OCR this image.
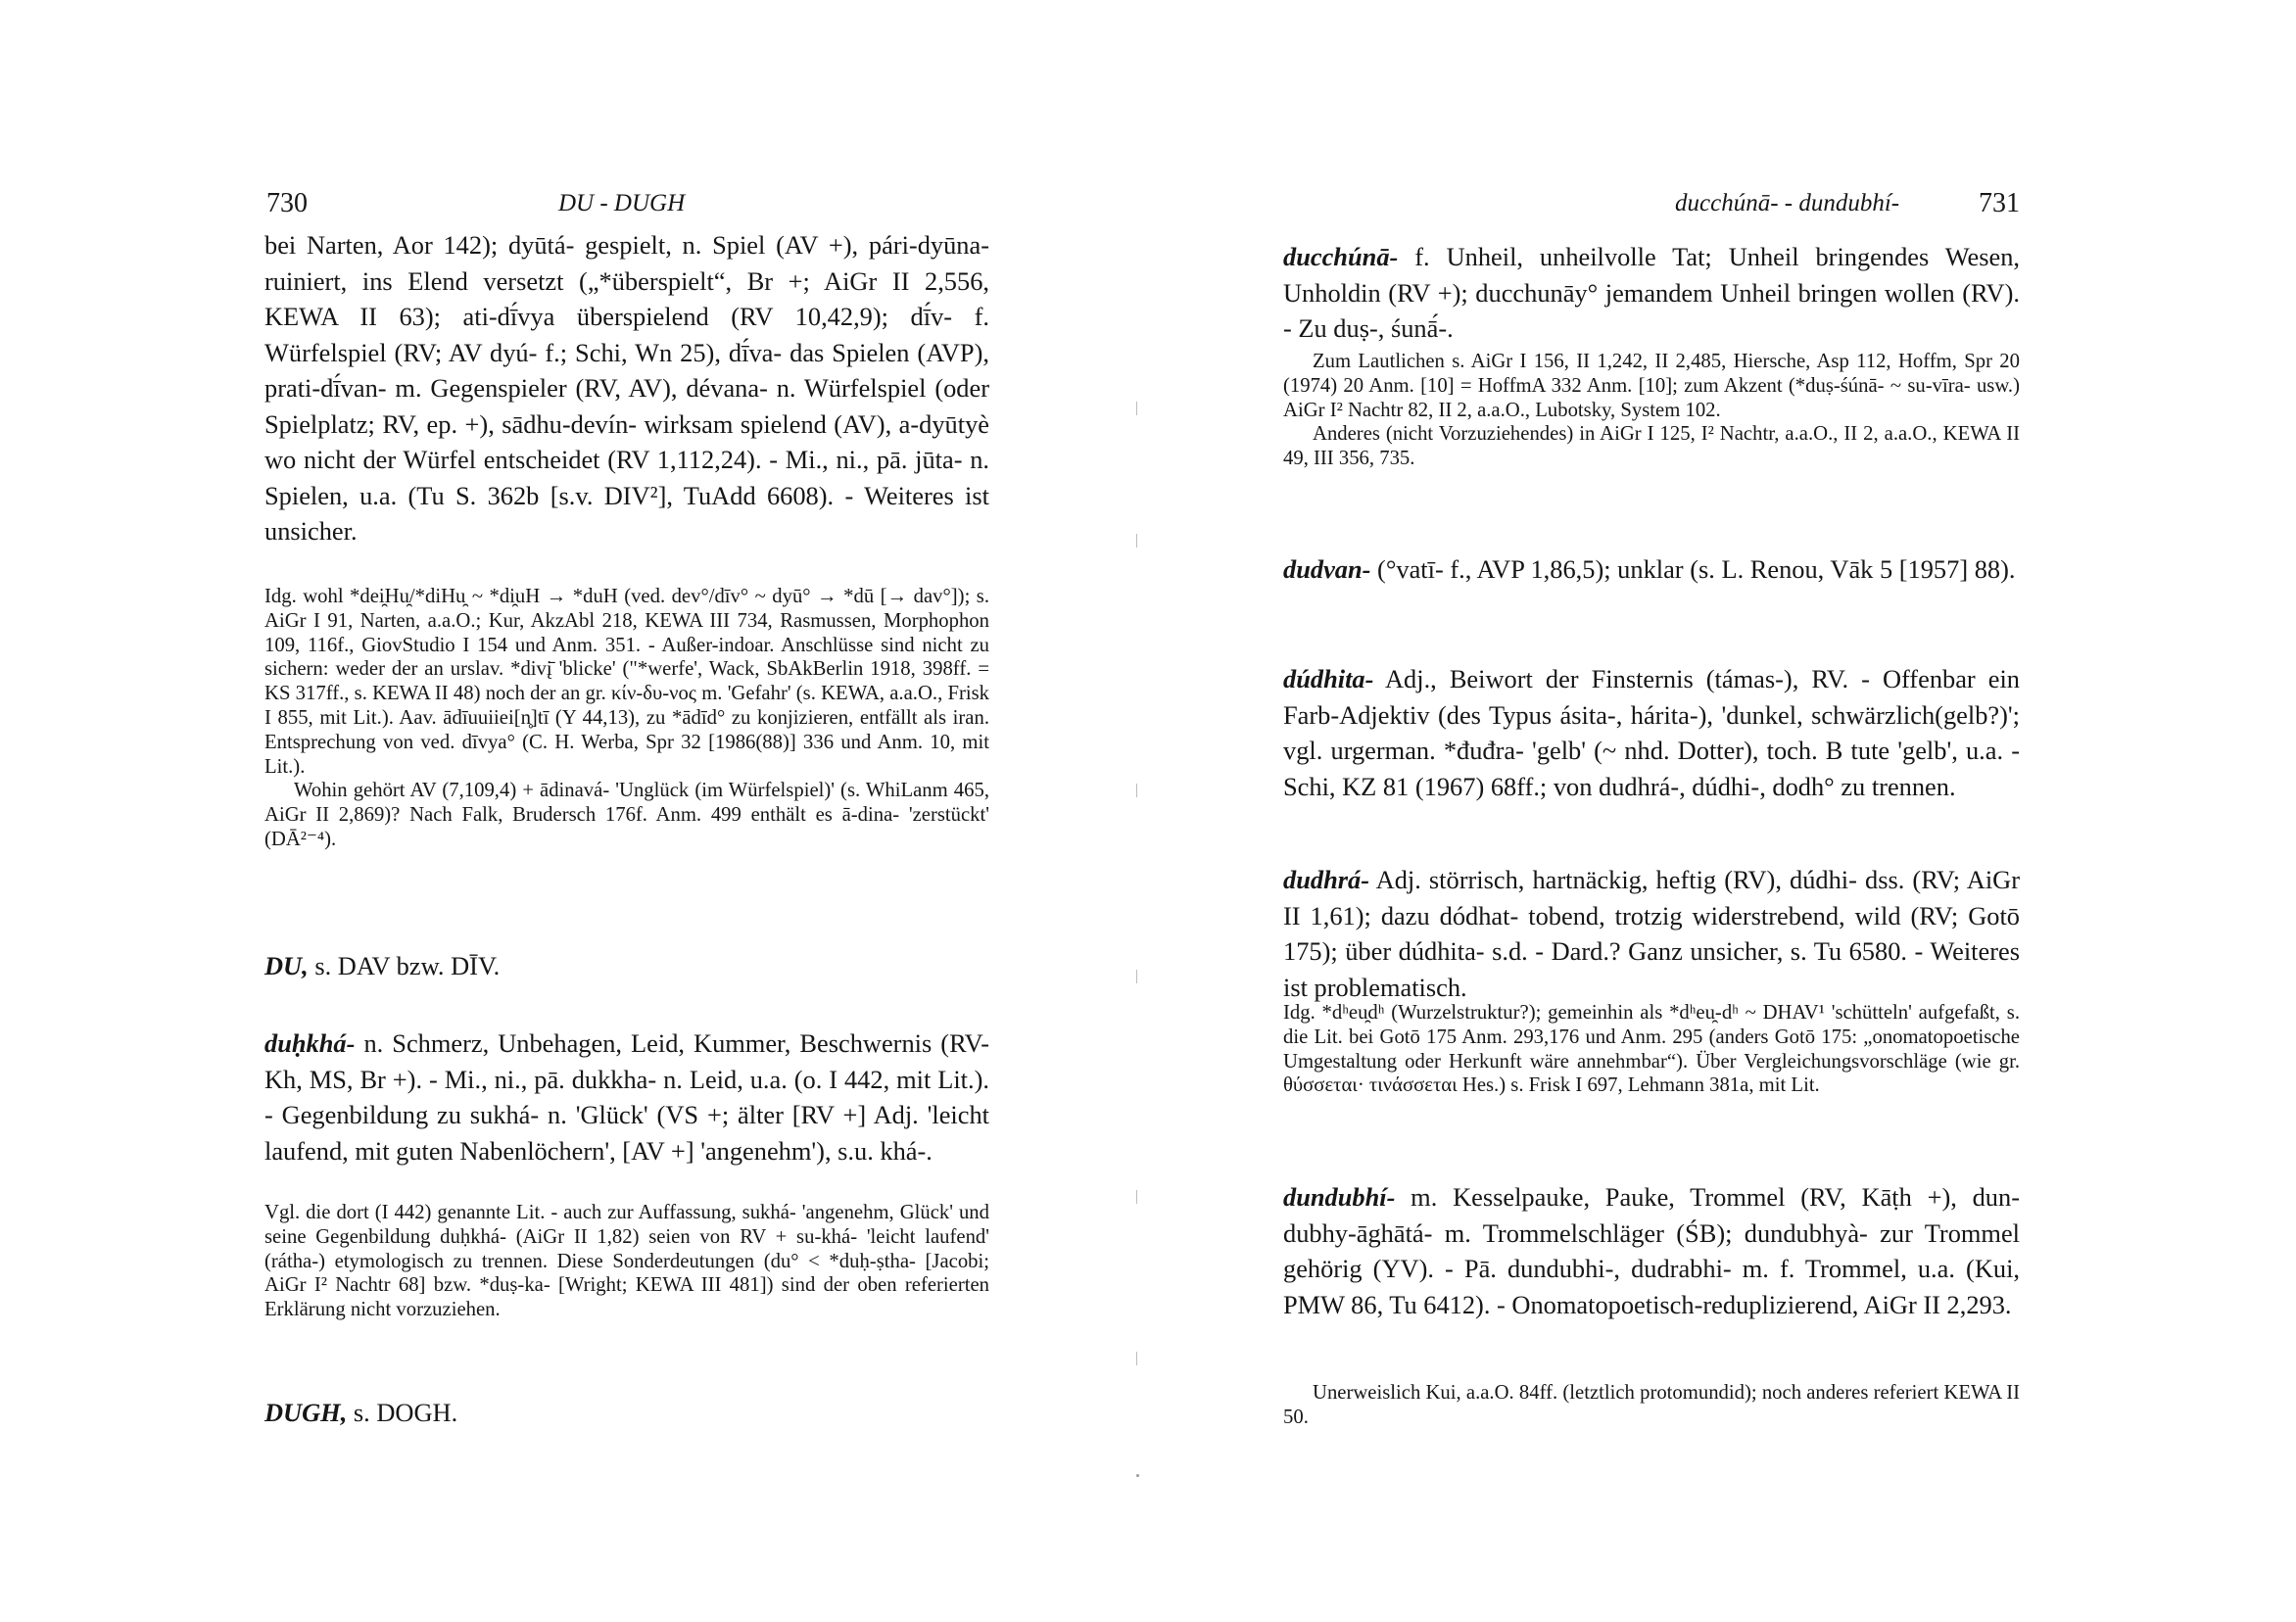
730	DU - DUGH

bei Narten, Aor 142); dyūtá- gespielt, n. Spiel (AV +), pári-dyūna- ruiniert, ins Elend versetzt („*überspielt“, Br +; AiGr II 2,556, KEWA II 63); ati-dī́vya überspielend (RV 10,42,9); dī́v- f. Würfelspiel (RV; AV dyú- f.; Schi, Wn 25), dī́va- das Spielen (AVP), prati-dī́van- m. Gegenspieler (RV, AV), dévana- n. Würfelspiel (oder Spielplatz; RV, ep. +), sādhu-devín- wirksam spielend (AV), a-dyūtyè wo nicht der Würfel entscheidet (RV 1,112,24). - Mi., ni., pā. jūta- n. Spielen, u.a. (Tu S. 362b [s.v. DIV²], TuAdd 6608). - Weiteres ist unsicher.

Idg. wohl *dei̯Hu̯/*diHu̯ ~ *di̯uH → *duH (ved. dev°/dīv° ~ dyū° → *dū [→ dav°]); s. AiGr I 91, Narten, a.a.O.; Kur, AkzAbl 218, KEWA III 734, Rasmussen, Morphophon 109, 116f., GiovStudio I 154 und Anm. 351. - Außer-indoar. Anschlüsse sind nicht zu sichern: weder der an urslav. *divį̄ 'blicke' ("*werfe', Wack, SbAkBerlin 1918, 398ff. = KS 317ff., s. KEWA II 48) noch der an gr. κίν-δυ-νος m. 'Gefahr' (s. KEWA, a.a.O., Frisk I 855, mit Lit.). Aav. ādīuuiiei[n̥]tī (Y 44,13), zu *ādīd° zu konjizieren, entfällt als iran. Entsprechung von ved. dīvya° (C. H. Werba, Spr 32 [1986(88)] 336 und Anm. 10, mit Lit.).

Wohin gehört AV (7,109,4) + ādinavá- 'Unglück (im Würfelspiel)' (s. WhiLanm 465, AiGr II 2,869)? Nach Falk, Brudersch 176f. Anm. 499 enthält es ā-dina- 'zerstückt' (DĀ²⁻⁴).

DU, s. DAV bzw. DĪV.

duḥkhá- n. Schmerz, Unbehagen, Leid, Kummer, Beschwernis (RV-Kh, MS, Br +). - Mi., ni., pā. dukkha- n. Leid, u.a. (o. I 442, mit Lit.). - Gegenbildung zu sukhá- n. 'Glück' (VS +; älter [RV +] Adj. 'leicht laufend, mit guten Nabenlöchern', [AV +] 'angenehm'), s.u. khá-.

Vgl. die dort (I 442) genannte Lit. - auch zur Auffassung, sukhá- 'angenehm, Glück' und seine Gegenbildung duḥkhá- (AiGr II 1,82) seien von RV + su-khá- 'leicht laufend' (rátha-) etymologisch zu trennen. Diese Sonderdeutungen (du° < *duḥ-ṣtha- [Jacobi; AiGr I² Nachtr 68] bzw. *duṣ-ka- [Wright; KEWA III 481]) sind der oben referierten Erklärung nicht vorzuziehen.

DUGH, s. DOGH.

ducchúnā- - dundubhí-	731

ducchúnā- f. Unheil, unheilvolle Tat; Unheil bringendes Wesen, Unholdin (RV +); ducchunāy° jemandem Unheil bringen wollen (RV). - Zu duṣ-, śunā́-.

Zum Lautlichen s. AiGr I 156, II 1,242, II 2,485, Hiersche, Asp 112, Hoffm, Spr 20 (1974) 20 Anm. [10] = HoffmA 332 Anm. [10]; zum Akzent (*duṣ-śúnā- ~ su-vīra- usw.) AiGr I² Nachtr 82, II 2, a.a.O., Lubotsky, System 102.

Anderes (nicht Vorzuziehendes) in AiGr I 125, I² Nachtr, a.a.O., II 2, a.a.O., KEWA II 49, III 356, 735.

dudvan- (°vatī- f., AVP 1,86,5); unklar (s. L. Renou, Vāk 5 [1957] 88).

dúdhita- Adj., Beiwort der Finsternis (támas-), RV. - Offenbar ein Farb-Adjektiv (des Typus ásita-, hárita-), 'dunkel, schwärzlich(gelb?)'; vgl. urgerman. *đuđra- 'gelb' (~ nhd. Dotter), toch. B tute 'gelb', u.a. - Schi, KZ 81 (1967) 68ff.; von dudhrá-, dúdhi-, dodh° zu trennen.

dudhrá- Adj. störrisch, hartnäckig, heftig (RV), dúdhi- dss. (RV; AiGr II 1,61); dazu dódhat- tobend, trotzig widerstrebend, wild (RV; Gotō 175); über dúdhita- s.d. - Dard.? Ganz unsicher, s. Tu 6580. - Weiteres ist problematisch.

Idg. *dʰeu̯dʰ (Wurzelstruktur?); gemeinhin als *dʰeu̯-dʰ ~ DHAV¹ 'schütteln' aufgefaßt, s. die Lit. bei Gotō 175 Anm. 293,176 und Anm. 295 (anders Gotō 175: „onomatopoetische Umgestaltung oder Herkunft wäre annehmbar“). Über Vergleichungsvorschläge (wie gr. θύσσεται· τινάσσεται Hes.) s. Frisk I 697, Lehmann 381a, mit Lit.

dundubhí- m. Kesselpauke, Pauke, Trommel (RV, Kāṭh +), dun-dubhy-āghātá- m. Trommelschläger (ŚB); dundubhyà- zur Trommel gehörig (YV). - Pā. dundubhi-, dudrabhi- m. f. Trommel, u.a. (Kui, PMW 86, Tu 6412). - Onomatopoetisch-reduplizierend, AiGr II 2,293.

Unerweislich Kui, a.a.O. 84ff. (letztlich protomundid); noch anderes referiert KEWA II 50.
